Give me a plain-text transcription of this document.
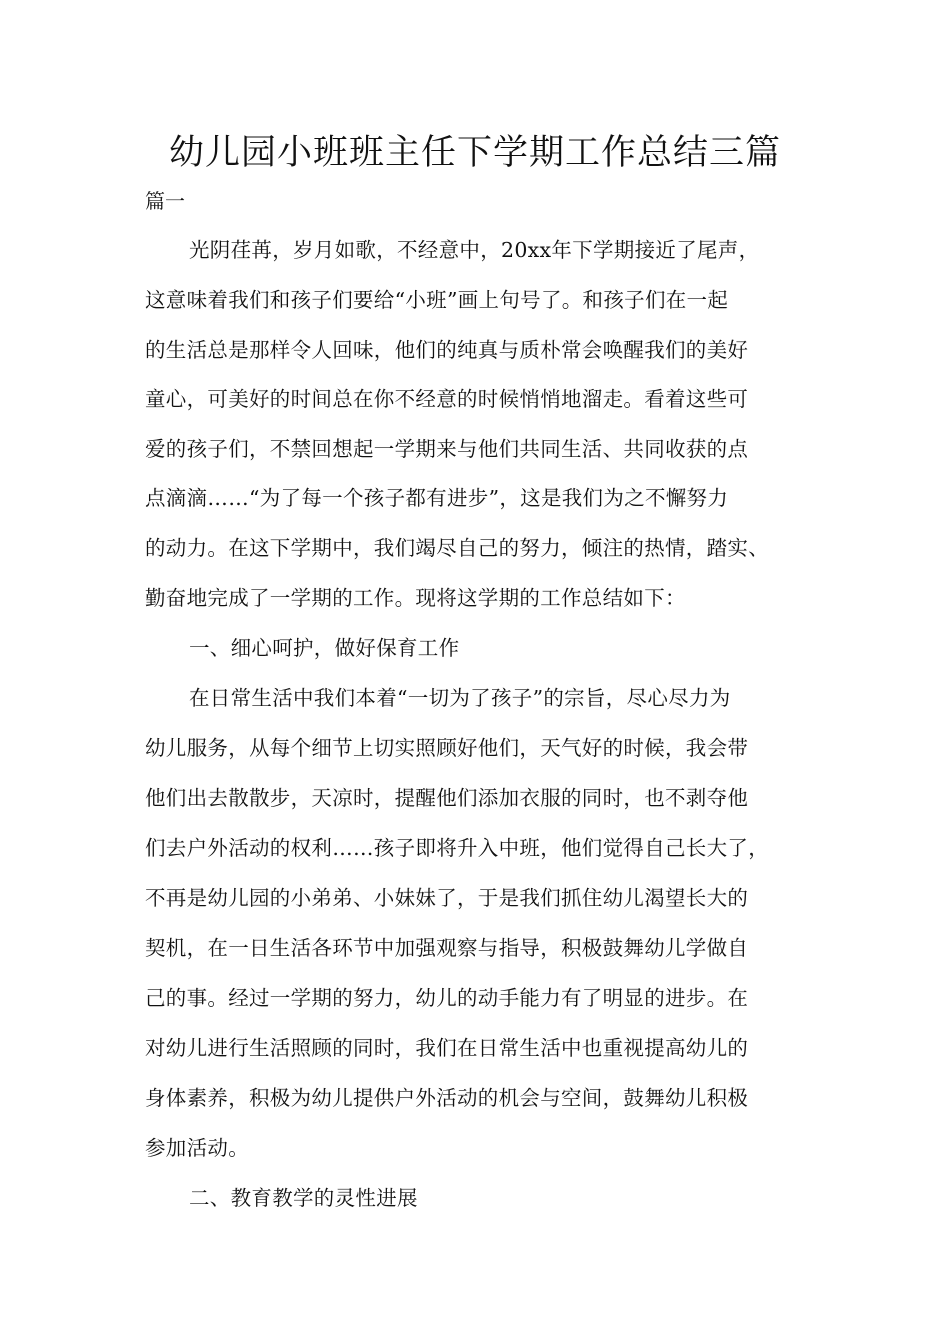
幼儿园小班班主任下学期工作总结三篇
篇一
光阴荏苒，岁月如歌，不经意中，20xx年下学期接近了尾声，
这意味着我们和孩子们要给“小班”画上句号了。和孩子们在一起
的生活总是那样令人回味，他们的纯真与质朴常会唤醒我们的美好
童心，可美好的时间总在你不经意的时候悄悄地溜走。看着这些可
爱的孩子们，不禁回想起一学期来与他们共同生活、共同收获的点
点滴滴……“为了每一个孩子都有进步”，这是我们为之不懈努力
的动力。在这下学期中，我们竭尽自己的努力，倾注的热情，踏实、
勤奋地完成了一学期的工作。现将这学期的工作总结如下：
一、细心呵护，做好保育工作
在日常生活中我们本着“一切为了孩子”的宗旨，尽心尽力为
幼儿服务，从每个细节上切实照顾好他们，天气好的时候，我会带
他们出去散散步，天凉时，提醒他们添加衣服的同时，也不剥夺他
们去户外活动的权利……孩子即将升入中班，他们觉得自己长大了，
不再是幼儿园的小弟弟、小妹妹了，于是我们抓住幼儿渴望长大的
契机，在一日生活各环节中加强观察与指导，积极鼓舞幼儿学做自
己的事。经过一学期的努力，幼儿的动手能力有了明显的进步。在
对幼儿进行生活照顾的同时，我们在日常生活中也重视提高幼儿的
身体素养，积极为幼儿提供户外活动的机会与空间，鼓舞幼儿积极
参加活动。
二、教育教学的灵性进展
